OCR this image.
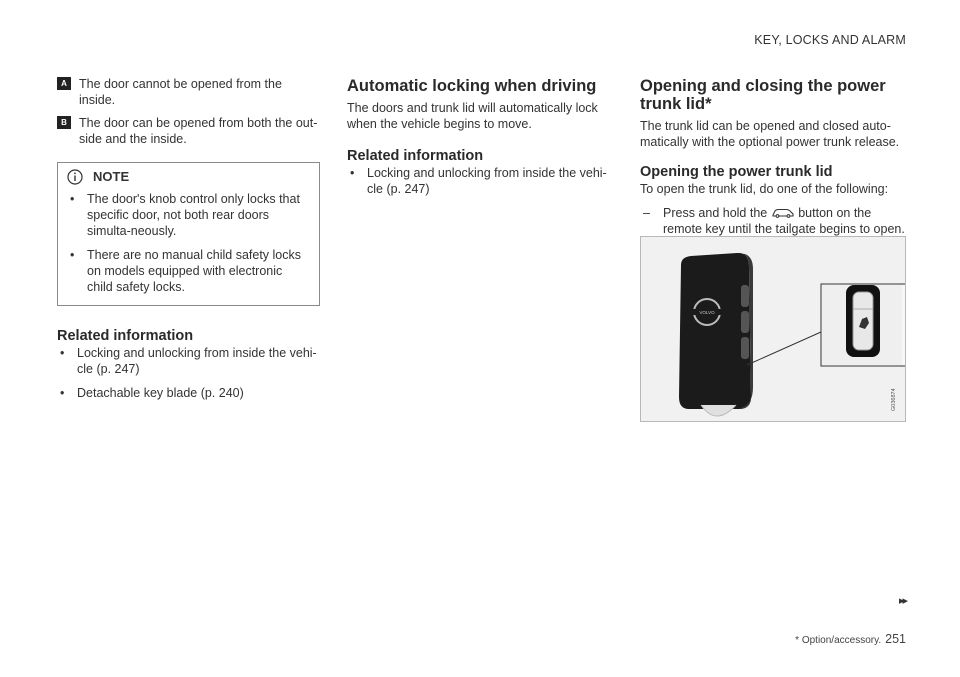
KEY, LOCKS AND ALARM
A The door cannot be opened from the inside.
B The door can be opened from both the out-side and the inside.
NOTE
• The door's knob control only locks that specific door, not both rear doors simulta-neously.
• There are no manual child safety locks on models equipped with electronic child safety locks.
Related information
• Locking and unlocking from inside the vehi-cle (p. 247)
• Detachable key blade (p. 240)
Automatic locking when driving

The doors and trunk lid will automatically lock when the vehicle begins to move.

Related information
• Locking and unlocking from inside the vehi-cle (p. 247)
Opening and closing the power trunk lid*

The trunk lid can be opened and closed auto-matically with the optional power trunk release.

Opening the power trunk lid

To open the trunk lid, do one of the following:

– Press and hold the button on the remote key until the tailgate begins to open.
VOLVO
G036874
▸▸
* Option/accessory. 251
